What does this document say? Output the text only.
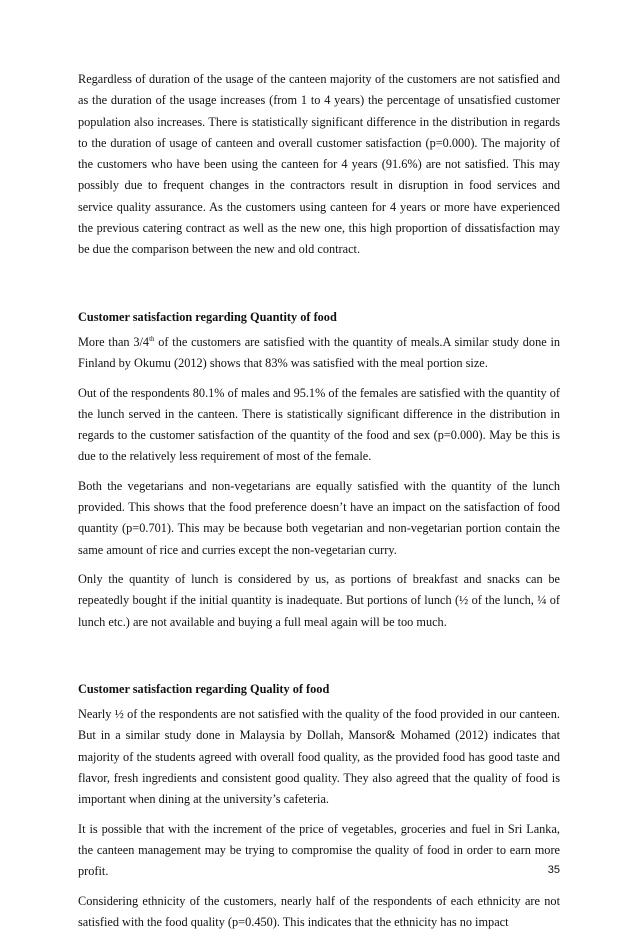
Regardless of duration of the usage of the canteen majority of the customers are not satisfied and as the duration of the usage increases (from 1 to 4 years) the percentage of unsatisfied customer population also increases. There is statistically significant difference in the distribution in regards to the duration of usage of canteen and overall customer satisfaction (p=0.000). The majority of the customers who have been using the canteen for 4 years (91.6%) are not satisfied. This may possibly due to frequent changes in the contractors result in disruption in food services and service quality assurance. As the customers using canteen for 4 years or more have experienced the previous catering contract as well as the new one, this high proportion of dissatisfaction may be due the comparison between the new and old contract.

Customer satisfaction regarding Quantity of food

More than 3/4th of the customers are satisfied with the quantity of meals.A similar study done in Finland by Okumu (2012) shows that 83% was satisfied with the meal portion size.

Out of the respondents 80.1% of males and 95.1% of the females are satisfied with the quantity of the lunch served in the canteen. There is statistically significant difference in the distribution in regards to the customer satisfaction of the quantity of the food and sex (p=0.000). May be this is due to the relatively less requirement of most of the female.

Both the vegetarians and non-vegetarians are equally satisfied with the quantity of the lunch provided. This shows that the food preference doesn’t have an impact on the satisfaction of food quantity (p=0.701). This may be because both vegetarian and non-vegetarian portion contain the same amount of rice and curries except the non-vegetarian curry.

Only the quantity of lunch is considered by us, as portions of breakfast and snacks can be repeatedly bought if the initial quantity is inadequate. But portions of lunch (½ of the lunch, ¼ of lunch etc.) are not available and buying a full meal again will be too much.

Customer satisfaction regarding Quality of food

Nearly ½ of the respondents are not satisfied with the quality of the food provided in our canteen. But in a similar study done in Malaysia by Dollah, Mansor& Mohamed (2012) indicates that majority of the students agreed with overall food quality, as the provided food has good taste and flavor, fresh ingredients and consistent good quality. They also agreed that the quality of food is important when dining at the university’s cafeteria.

It is possible that with the increment of the price of vegetables, groceries and fuel in Sri Lanka, the canteen management may be trying to compromise the quality of food in order to earn more profit.

Considering ethnicity of the customers, nearly half of the respondents of each ethnicity are not satisfied with the food quality (p=0.450). This indicates that the ethnicity has no impact

35
